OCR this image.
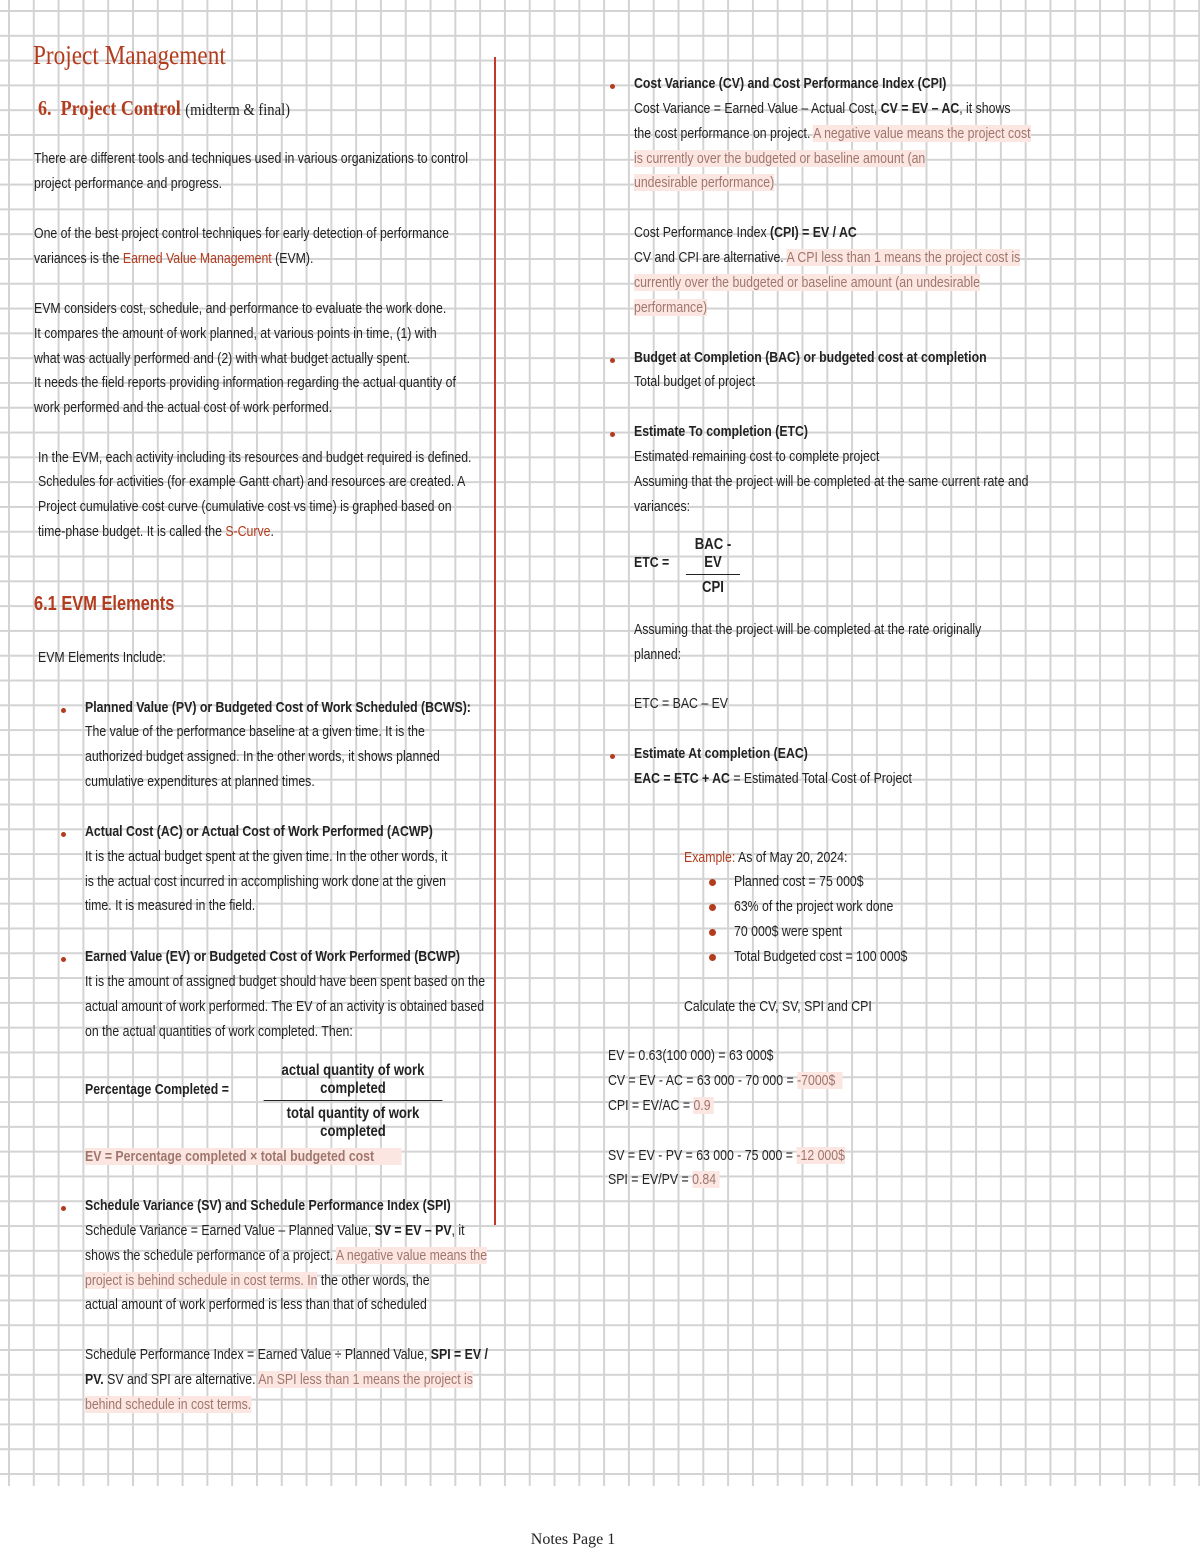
Project Management
6. Project Control (midterm & final)
There are different tools and techniques used in various organizations to control
project performance and progress.
One of the best project control techniques for early detection of performance
variances is the Earned Value Management (EVM).
EVM considers cost, schedule, and performance to evaluate the work done.
It compares the amount of work planned, at various points in time, (1) with
what was actually performed and (2) with what budget actually spent.
It needs the field reports providing information regarding the actual quantity of
work performed and the actual cost of work performed.
In the EVM, each activity including its resources and budget required is defined.
Schedules for activities (for example Gantt chart) and resources are created. A
Project cumulative cost curve (cumulative cost vs time) is graphed based on
time-phase budget. It is called the S-Curve.
6.1 EVM Elements
EVM Elements Include:
Planned Value (PV) or Budgeted Cost of Work Scheduled (BCWS):
The value of the performance baseline at a given time. It is the
authorized budget assigned. In the other words, it shows planned
cumulative expenditures at planned times.
Actual Cost (AC) or Actual Cost of Work Performed (ACWP)
It is the actual budget spent at the given time. In the other words, it
is the actual cost incurred in accomplishing work done at the given
time. It is measured in the field.
Earned Value (EV) or Budgeted Cost of Work Performed (BCWP)
It is the amount of assigned budget should have been spent based on the
actual amount of work performed. The EV of an activity is obtained based
on the actual quantities of work completed. Then:
Percentage Completed =
actual quantity of work completed
total quantity of work completed
EV = Percentage completed × total budgeted cost
Schedule Variance (SV) and Schedule Performance Index (SPI)
Schedule Variance = Earned Value – Planned Value, SV = EV – PV, it
shows the schedule performance of a project. A negative value means the
project is behind schedule in cost terms. In the other words, the
actual amount of work performed is less than that of scheduled
Schedule Performance Index = Earned Value ÷ Planned Value, SPI = EV /
PV. SV and SPI are alternative. An SPI less than 1 means the project is
behind schedule in cost terms.
Cost Variance (CV) and Cost Performance Index (CPI)
Cost Variance = Earned Value – Actual Cost, CV = EV – AC, it shows
the cost performance on project. A negative value means the project cost
is currently over the budgeted or baseline amount (an
undesirable performance)
Cost Performance Index (CPI) = EV / AC
CV and CPI are alternative. A CPI less than 1 means the project cost is
currently over the budgeted or baseline amount (an undesirable
performance)
Budget at Completion (BAC) or budgeted cost at completion
Total budget of project
Estimate To completion (ETC)
Estimated remaining cost to complete project
Assuming that the project will be completed at the same current rate and
variances:
ETC =
BAC - EV
CPI
Assuming that the project will be completed at the rate originally
planned:
ETC = BAC – EV
Estimate At completion (EAC)
EAC = ETC + AC = Estimated Total Cost of Project
Example: As of May 20, 2024:
Planned cost = 75 000$
63% of the project work done
70 000$ were spent
Total Budgeted cost = 100 000$
Calculate the CV, SV, SPI and CPI
EV = 0.63(100 000) = 63 000$
CV = EV - AC = 63 000 - 70 000 = -7000$
CPI = EV/AC = 0.9
SV = EV - PV = 63 000 - 75 000 = -12 000$
SPI = EV/PV = 0.84
Notes Page 1
